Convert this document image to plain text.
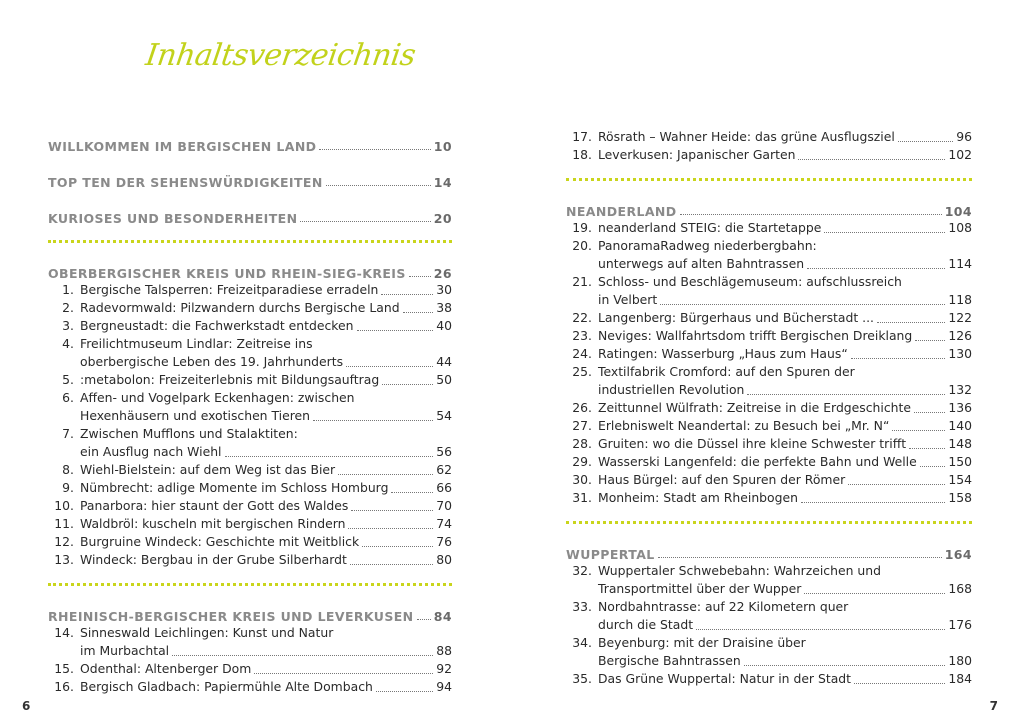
Inhaltsverzeichnis
WILLKOMMEN IM BERGISCHEN LAND	10
TOP TEN DER SEHENSWÜRDIGKEITEN	14
KURIOSES UND BESONDERHEITEN	20
OBERBERGISCHER KREIS UND RHEIN-SIEG-KREIS 26
1. Bergische Talsperren: Freizeitparadiese erradeln	30
2. Radevormwald: Pilzwandern durchs Bergische Land	38
3. Bergneustadt: die Fachwerkstadt entdecken	40
4. Freilichtmuseum Lindlar: Zeitreise ins
oberbergische Leben des 19. Jahrhunderts	44
5. :metabolon: Freizeiterlebnis mit Bildungsauftrag	50
6. Affen- und Vogelpark Eckenhagen: zwischen
Hexenhäusern und exotischen Tieren	54
7. Zwischen Mufflons und Stalaktiten:
ein Ausflug nach Wiehl	56
8. Wiehl-Bielstein: auf dem Weg ist das Bier	62
9. Nümbrecht: adlige Momente im Schloss Homburg	66
10. Panarbora: hier staunt der Gott des Waldes	70
11. Waldbröl: kuscheln mit bergischen Rindern	74
12. Burgruine Windeck: Geschichte mit Weitblick	76
13. Windeck: Bergbau in der Grube Silberhardt	80
RHEINISCH-BERGISCHER KREIS UND LEVERKUSEN 84
14. Sinneswald Leichlingen: Kunst und Natur
im Murbachtal	88
15. Odenthal: Altenberger Dom	92
16. Bergisch Gladbach: Papiermühle Alte Dombach	94
17. Rösrath – Wahner Heide: das grüne Ausflugsziel	96
18. Leverkusen: Japanischer Garten	102
NEANDERLAND	104
19. neanderland STEIG: die Startetappe	108
20. PanoramaRadweg niederbergbahn:
unterwegs auf alten Bahntrassen	114
21. Schloss- und Beschlägemuseum: aufschlussreich
in Velbert	118
22. Langenberg: Bürgerhaus und Bücherstadt ...	122
23. Neviges: Wallfahrtsdom trifft Bergischen Dreiklang	126
24. Ratingen: Wasserburg „Haus zum Haus“	130
25. Textilfabrik Cromford: auf den Spuren der
industriellen Revolution	132
26. Zeittunnel Wülfrath: Zeitreise in die Erdgeschichte	136
27. Erlebniswelt Neandertal: zu Besuch bei „Mr. N“	140
28. Gruiten: wo die Düssel ihre kleine Schwester trifft	148
29. Wasserski Langenfeld: die perfekte Bahn und Welle	150
30. Haus Bürgel: auf den Spuren der Römer	154
31. Monheim: Stadt am Rheinbogen	158
WUPPERTAL	164
32. Wuppertaler Schwebebahn: Wahrzeichen und
Transportmittel über der Wupper	168
33. Nordbahntrasse: auf 22 Kilometern quer
durch die Stadt	176
34. Beyenburg: mit der Draisine über
Bergische Bahntrassen	180
35. Das Grüne Wuppertal: Natur in der Stadt	184
6	7
